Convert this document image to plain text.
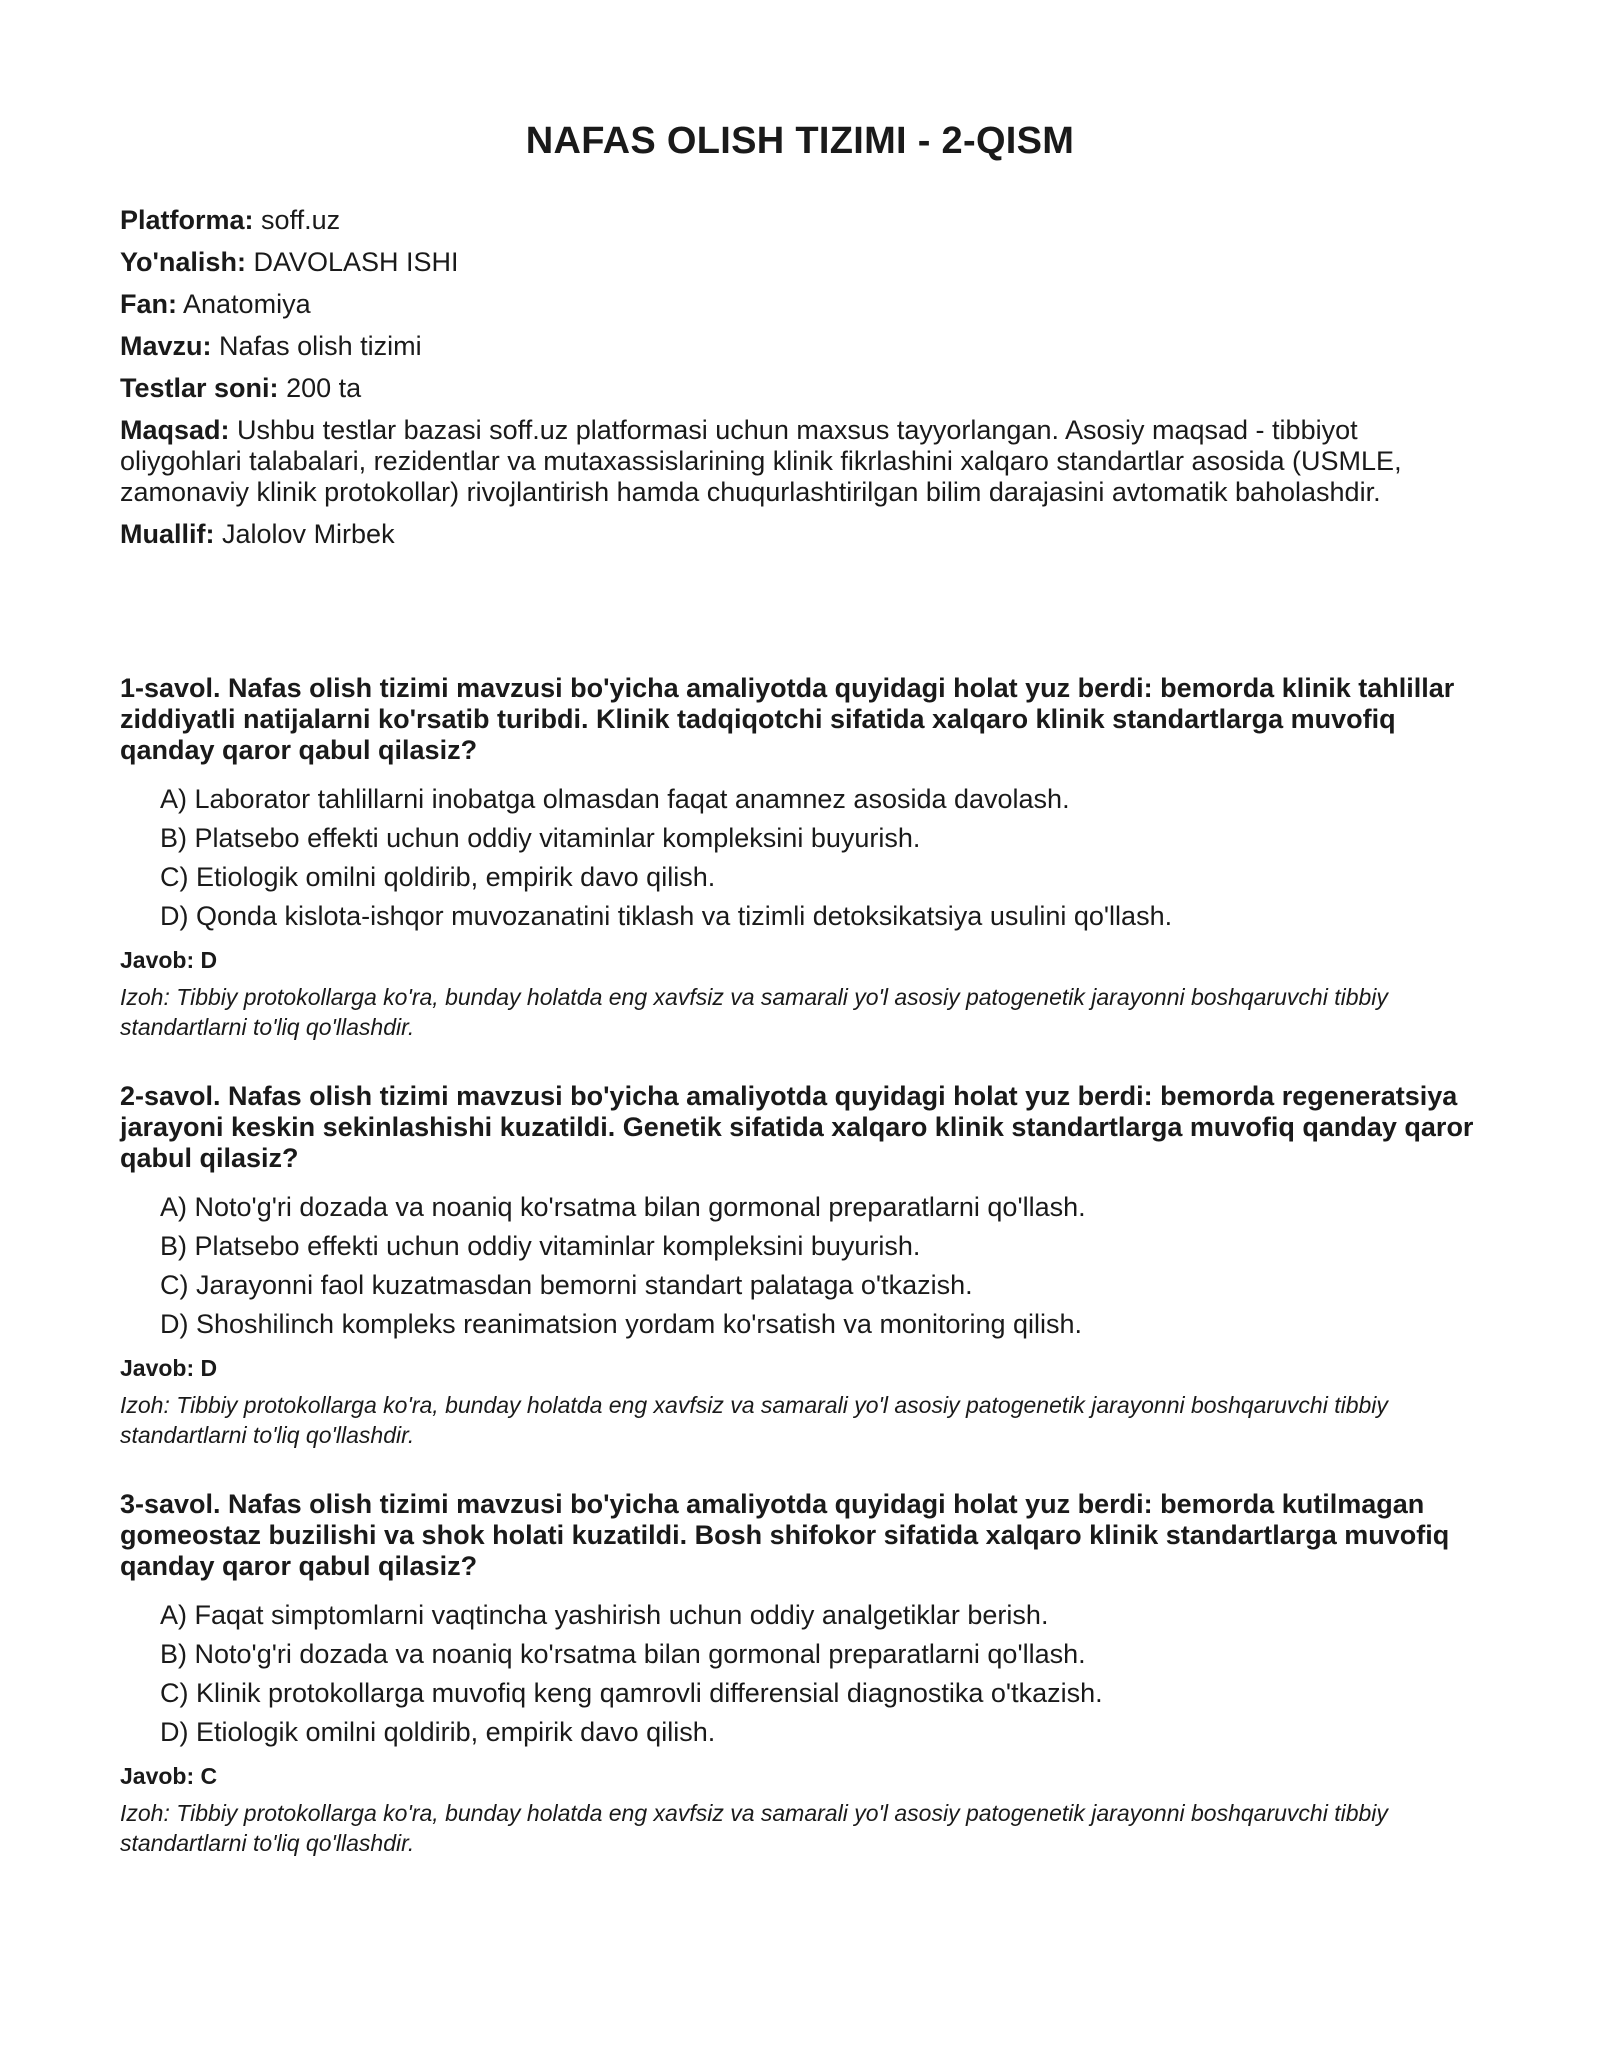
NAFAS OLISH TIZIMI - 2-QISM

Platforma: soff.uz

Yo'nalish: DAVOLASH ISHI

Fan: Anatomiya

Mavzu: Nafas olish tizimi

Testlar soni: 200 ta

Maqsad: Ushbu testlar bazasi soff.uz platformasi uchun maxsus tayyorlangan. Asosiy maqsad - tibbiyot oliygohlari talabalari, rezidentlar va mutaxassislarining klinik fikrlashini xalqaro standartlar asosida (USMLE, zamonaviy klinik protokollar) rivojlantirish hamda chuqurlashtirilgan bilim darajasini avtomatik baholashdir.

Muallif: Jalolov Mirbek

1-savol. Nafas olish tizimi mavzusi bo'yicha amaliyotda quyidagi holat yuz berdi: bemorda klinik tahlillar ziddiyatli natijalarni ko'rsatib turibdi. Klinik tadqiqotchi sifatida xalqaro klinik standartlarga muvofiq qanday qaror qabul qilasiz?

A) Laborator tahlillarni inobatga olmasdan faqat anamnez asosida davolash.
B) Platsebo effekti uchun oddiy vitaminlar kompleksini buyurish.
C) Etiologik omilni qoldirib, empirik davo qilish.
D) Qonda kislota-ishqor muvozanatini tiklash va tizimli detoksikatsiya usulini qo'llash.

Javob: D

Izoh: Tibbiy protokollarga ko'ra, bunday holatda eng xavfsiz va samarali yo'l asosiy patogenetik jarayonni boshqaruvchi tibbiy standartlarni to'liq qo'llashdir.

2-savol. Nafas olish tizimi mavzusi bo'yicha amaliyotda quyidagi holat yuz berdi: bemorda regeneratsiya jarayoni keskin sekinlashishi kuzatildi. Genetik sifatida xalqaro klinik standartlarga muvofiq qanday qaror qabul qilasiz?

A) Noto'g'ri dozada va noaniq ko'rsatma bilan gormonal preparatlarni qo'llash.
B) Platsebo effekti uchun oddiy vitaminlar kompleksini buyurish.
C) Jarayonni faol kuzatmasdan bemorni standart palataga o'tkazish.
D) Shoshilinch kompleks reanimatsion yordam ko'rsatish va monitoring qilish.

Javob: D

Izoh: Tibbiy protokollarga ko'ra, bunday holatda eng xavfsiz va samarali yo'l asosiy patogenetik jarayonni boshqaruvchi tibbiy standartlarni to'liq qo'llashdir.

3-savol. Nafas olish tizimi mavzusi bo'yicha amaliyotda quyidagi holat yuz berdi: bemorda kutilmagan gomeostaz buzilishi va shok holati kuzatildi. Bosh shifokor sifatida xalqaro klinik standartlarga muvofiq qanday qaror qabul qilasiz?

A) Faqat simptomlarni vaqtincha yashirish uchun oddiy analgetiklar berish.
B) Noto'g'ri dozada va noaniq ko'rsatma bilan gormonal preparatlarni qo'llash.
C) Klinik protokollarga muvofiq keng qamrovli differensial diagnostika o'tkazish.
D) Etiologik omilni qoldirib, empirik davo qilish.

Javob: C

Izoh: Tibbiy protokollarga ko'ra, bunday holatda eng xavfsiz va samarali yo'l asosiy patogenetik jarayonni boshqaruvchi tibbiy standartlarni to'liq qo'llashdir.
